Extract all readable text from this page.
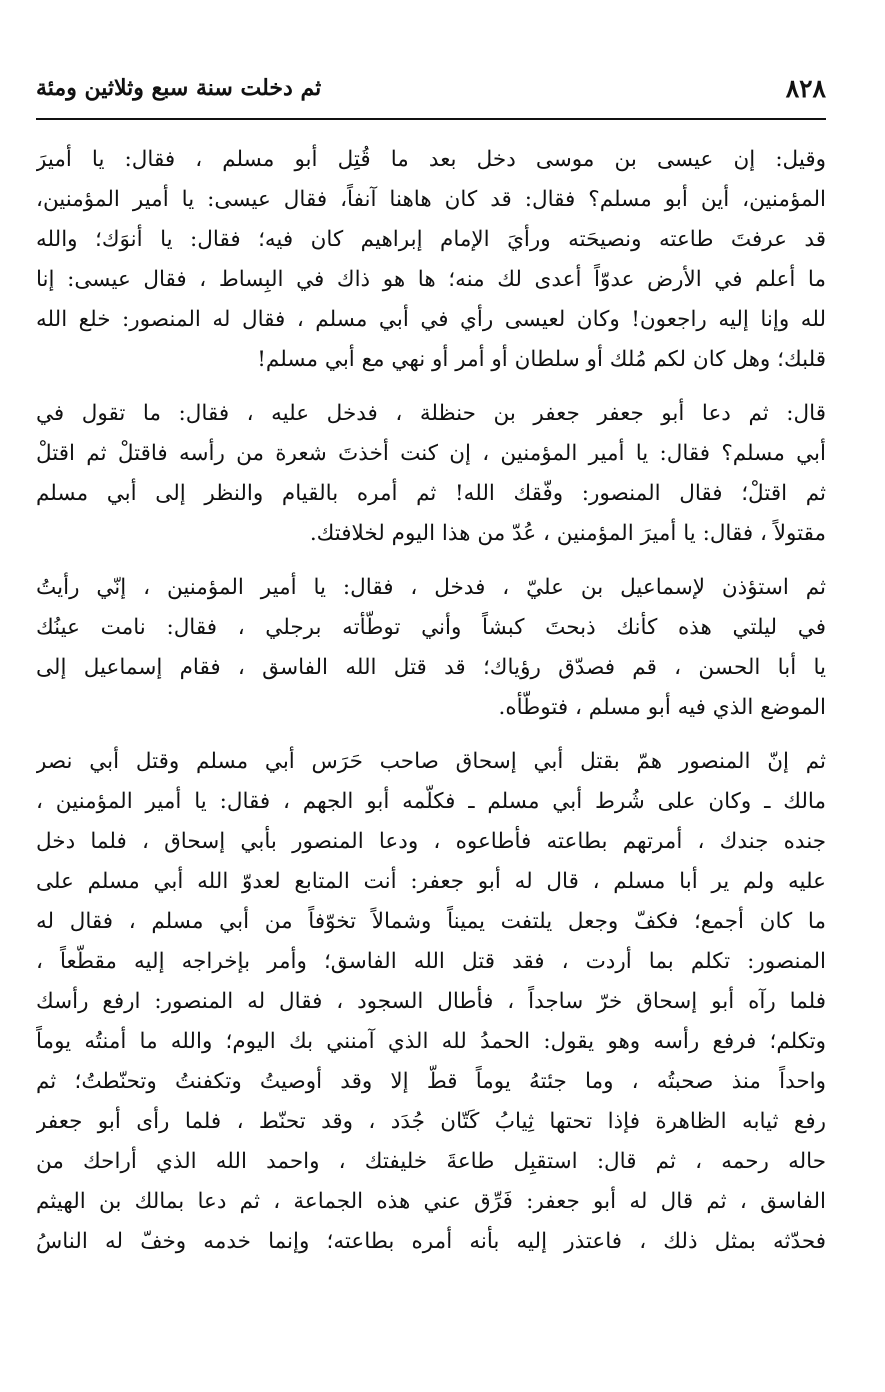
٨٢٨
ثم دخلت سنة سبع وثلاثين ومئة
وقيل: إن عيسى بن موسى دخل بعد ما قُتِل أبو مسلم ، فقال: يا أميرَ
المؤمنين، أين أبو مسلم؟ فقال: قد كان هاهنا آنفاً، فقال عيسى: يا أمير المؤمنين،
قد عرفتَ طاعته ونصيحَته ورأيَ الإمام إبراهيم كان فيه؛ فقال: يا أنوَك؛ والله
ما أعلم في الأرض عدوّاً أعدى لك منه؛ ها هو ذاك في البِساط ، فقال عيسى: إنا
لله وإنا إليه راجعون! وكان لعيسى رأي في أبي مسلم ، فقال له المنصور: خلع الله
قلبك؛ وهل كان لكم مُلك أو سلطان أو أمر أو نهي مع أبي مسلم!
قال: ثم دعا أبو جعفر جعفر بن حنظلة ، فدخل عليه ، فقال: ما تقول في
أبي مسلم؟ فقال: يا أمير المؤمنين ، إن كنت أخذتَ شعرة من رأسه فاقتلْ ثم اقتلْ
ثم اقتلْ؛ فقال المنصور: وفّقك الله! ثم أمره بالقيام والنظر إلى أبي مسلم
مقتولاً ، فقال: يا أميرَ المؤمنين ، عُدّ من هذا اليوم لخلافتك.
ثم استؤذن لإسماعيل بن عليّ ، فدخل ، فقال: يا أمير المؤمنين ، إنّي رأيتُ
في ليلتي هذه كأنك ذبحتَ كبشاً وأني توطّأته برجلي ، فقال: نامت عينُك
يا أبا الحسن ، قم فصدّق رؤياك؛ قد قتل الله الفاسق ، فقام إسماعيل إلى
الموضع الذي فيه أبو مسلم ، فتوطّأه.
ثم إنّ المنصور همّ بقتل أبي إسحاق صاحب حَرَس أبي مسلم وقتل أبي نصر
مالك ـ وكان على شُرط أبي مسلم ـ فكلّمه أبو الجهم ، فقال: يا أمير المؤمنين ،
جنده جندك ، أمرتهم بطاعته فأطاعوه ، ودعا المنصور بأبي إسحاق ، فلما دخل
عليه ولم ير أبا مسلم ، قال له أبو جعفر: أنت المتابع لعدوّ الله أبي مسلم على
ما كان أجمع؛ فكفّ وجعل يلتفت يميناً وشمالاً تخوّفاً من أبي مسلم ، فقال له
المنصور: تكلم بما أردت ، فقد قتل الله الفاسق؛ وأمر بإخراجه إليه مقطّعاً ،
فلما رآه أبو إسحاق خرّ ساجداً ، فأطال السجود ، فقال له المنصور: ارفع رأسك
وتكلم؛ فرفع رأسه وهو يقول: الحمدُ لله الذي آمنني بك اليوم؛ والله ما أمنتُه يوماً
واحداً منذ صحبتُه ، وما جئتهُ يوماً قطّ إلا وقد أوصيتُ وتكفنتُ وتحنّطتُ؛ ثم
رفع ثيابه الظاهرة فإذا تحتها ثِيابُ كَتّان جُدَد ، وقد تحنّط ، فلما رأى أبو جعفر
حاله رحمه ، ثم قال: استقبِل طاعةَ خليفتك ، واحمد الله الذي أراحك من
الفاسق ، ثم قال له أبو جعفر: فَرِّق عني هذه الجماعة ، ثم دعا بمالك بن الهيثم
فحدّثه بمثل ذلك ، فاعتذر إليه بأنه أمره بطاعته؛ وإنما خدمه وخفّ له الناسُ
